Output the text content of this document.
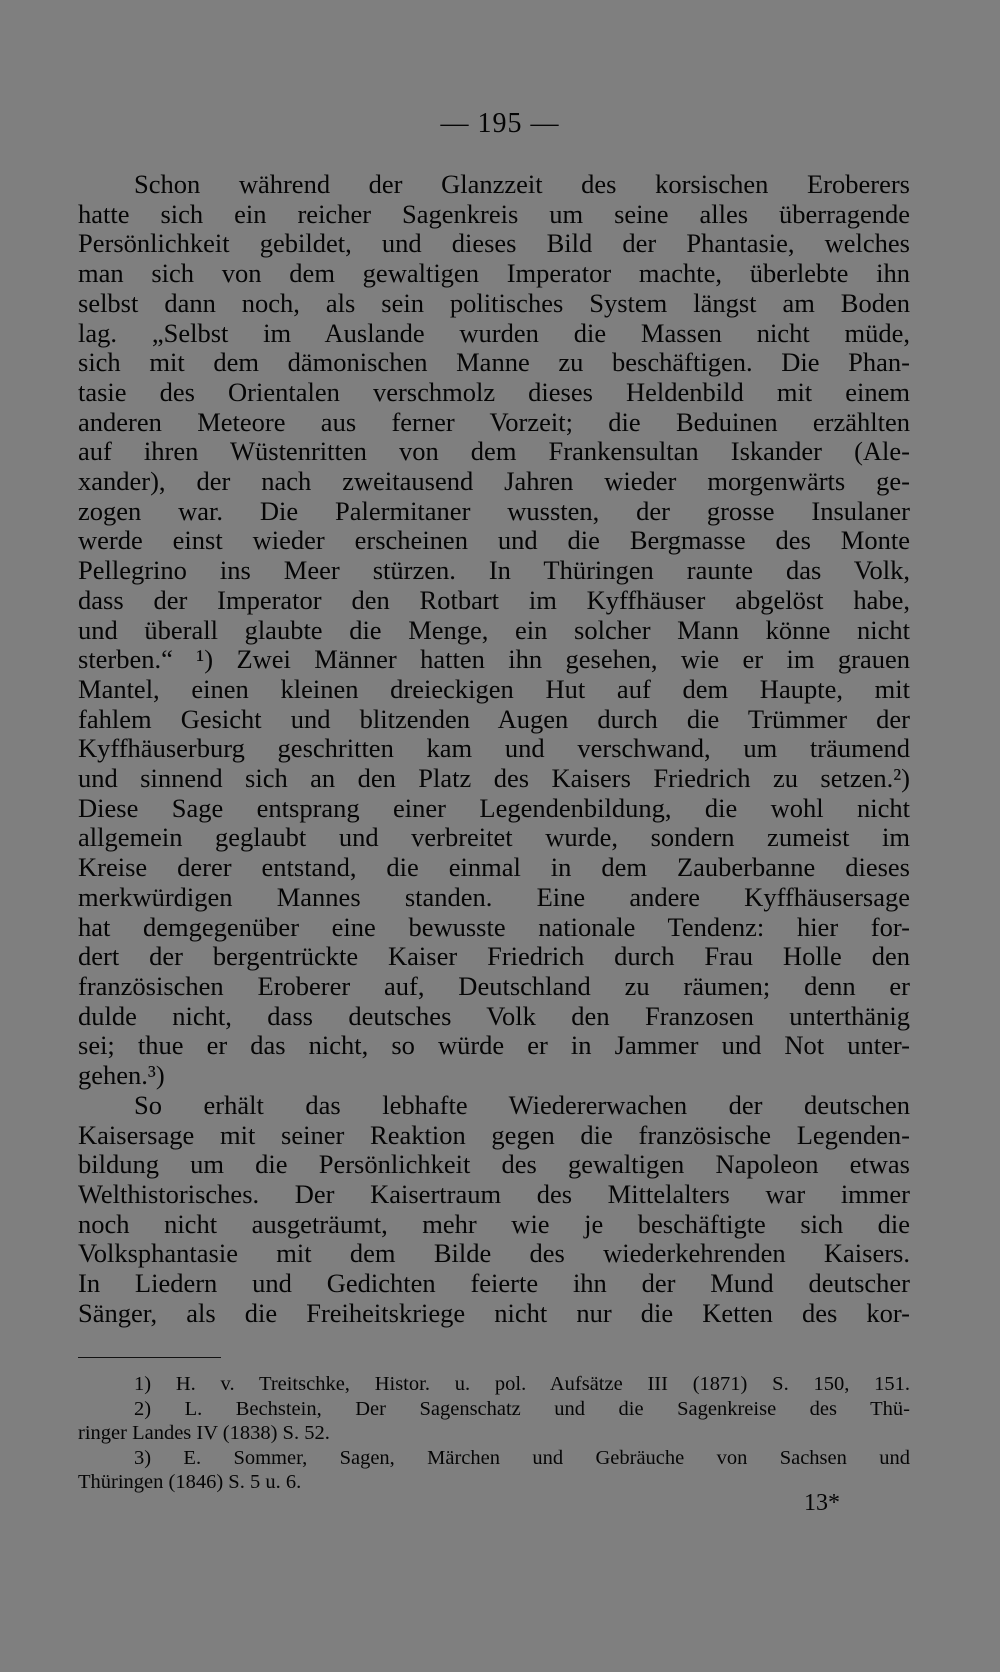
— 195 —
Schon während der Glanzzeit des korsischen Eroberers
hatte sich ein reicher Sagenkreis um seine alles überragende
Persönlichkeit gebildet, und dieses Bild der Phantasie, welches
man sich von dem gewaltigen Imperator machte, überlebte ihn
selbst dann noch, als sein politisches System längst am Boden
lag. „Selbst im Auslande wurden die Massen nicht müde,
sich mit dem dämonischen Manne zu beschäftigen. Die Phan-
tasie des Orientalen verschmolz dieses Heldenbild mit einem
anderen Meteore aus ferner Vorzeit; die Beduinen erzählten
auf ihren Wüstenritten von dem Frankensultan Iskander (Ale-
xander), der nach zweitausend Jahren wieder morgenwärts ge-
zogen war. Die Palermitaner wussten, der grosse Insulaner
werde einst wieder erscheinen und die Bergmasse des Monte
Pellegrino ins Meer stürzen. In Thüringen raunte das Volk,
dass der Imperator den Rotbart im Kyffhäuser abgelöst habe,
und überall glaubte die Menge, ein solcher Mann könne nicht
sterben.“ ¹) Zwei Männer hatten ihn gesehen, wie er im grauen
Mantel, einen kleinen dreieckigen Hut auf dem Haupte, mit
fahlem Gesicht und blitzenden Augen durch die Trümmer der
Kyffhäuserburg geschritten kam und verschwand, um träumend
und sinnend sich an den Platz des Kaisers Friedrich zu setzen.²)
Diese Sage entsprang einer Legendenbildung, die wohl nicht
allgemein geglaubt und verbreitet wurde, sondern zumeist im
Kreise derer entstand, die einmal in dem Zauberbanne dieses
merkwürdigen Mannes standen. Eine andere Kyffhäusersage
hat demgegenüber eine bewusste nationale Tendenz: hier for-
dert der bergentrückte Kaiser Friedrich durch Frau Holle den
französischen Eroberer auf, Deutschland zu räumen; denn er
dulde nicht, dass deutsches Volk den Franzosen unterthänig
sei; thue er das nicht, so würde er in Jammer und Not unter-
gehen.³)
So erhält das lebhafte Wiedererwachen der deutschen
Kaisersage mit seiner Reaktion gegen die französische Legenden-
bildung um die Persönlichkeit des gewaltigen Napoleon etwas
Welthistorisches. Der Kaisertraum des Mittelalters war immer
noch nicht ausgeträumt, mehr wie je beschäftigte sich die
Volksphantasie mit dem Bilde des wiederkehrenden Kaisers.
In Liedern und Gedichten feierte ihn der Mund deutscher
Sänger, als die Freiheitskriege nicht nur die Ketten des kor-
1) H. v. Treitschke, Histor. u. pol. Aufsätze III (1871) S. 150, 151.
2) L. Bechstein, Der Sagenschatz und die Sagenkreise des Thü-
ringer Landes IV (1838) S. 52.
3) E. Sommer, Sagen, Märchen und Gebräuche von Sachsen und
Thüringen (1846) S. 5 u. 6.
13*
